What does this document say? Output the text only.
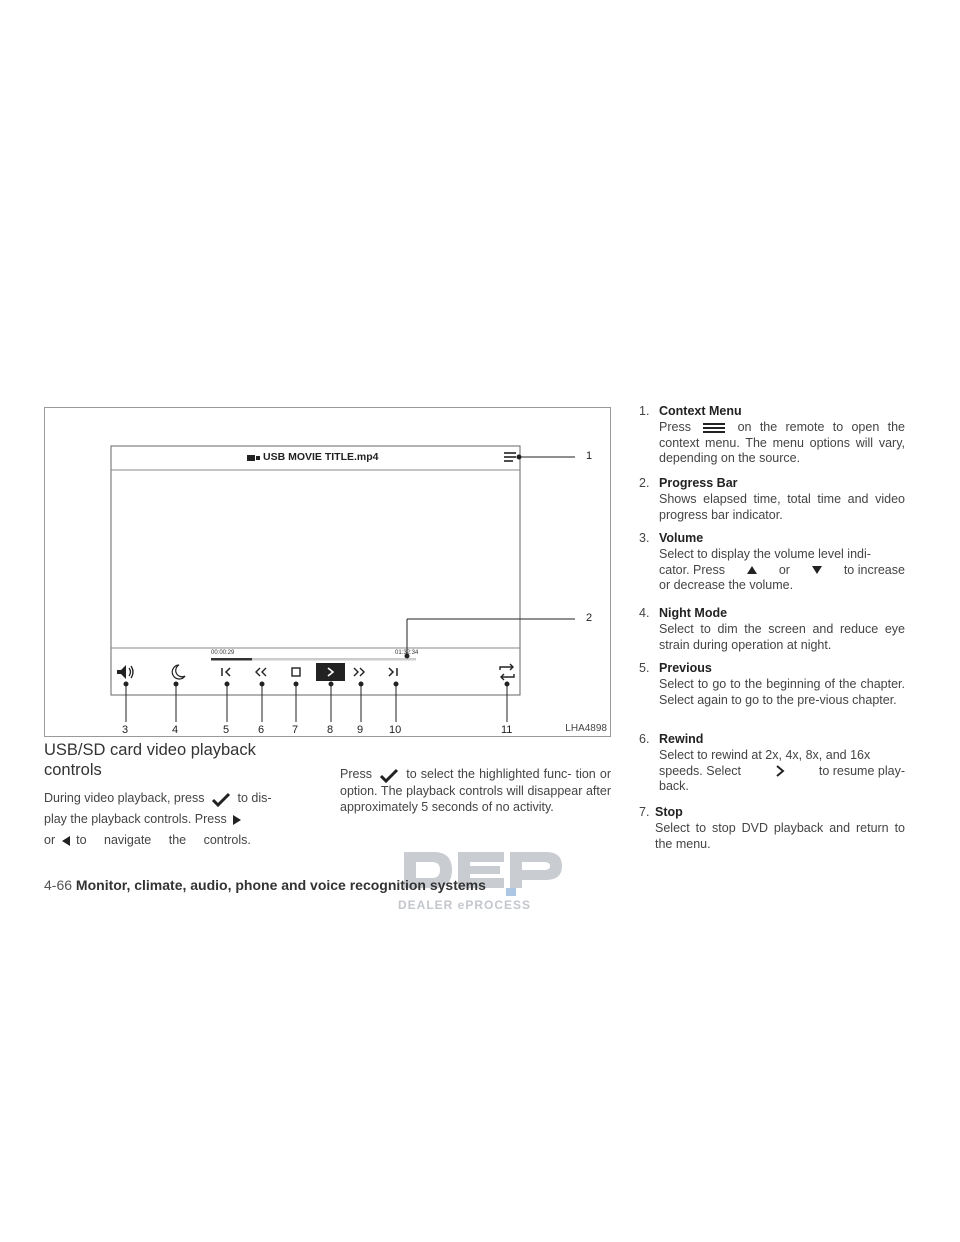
USB MOVIE TITLE.mp4
00:00:29	01:32:34
1
2
3	4	5	6	7	8 9 10	11	LHA4898
USB/SD card video playback controls
During video playback, press	to dis-
play the playback controls. Press
or to navigate the controls.
Press	to select the highlighted func- tion or option. The playback controls will disappear after approximately 5 seconds of no activity.
1. Context Menu
Press	on the remote to open the context menu. The menu options will vary, depending on the source.
2. Progress Bar
Shows elapsed time, total time and video progress bar indicator.
3. Volume
Select to display the volume level indi-

cator. Press	or	to increase
or decrease the volume.
4. Night Mode
Select to dim the screen and reduce eye strain during operation at night.
5. Previous
Select to go to the beginning of the chapter. Select again to go to the pre-vious chapter.
6. Rewind
Select to rewind at 2x, 4x, 8x, and 16x

speeds. Select	to resume play-
back.
7. Stop
Select to stop DVD playback and return to the menu.
DEALER ePROCESS
4-66 Monitor, climate, audio, phone and voice recognition systems
